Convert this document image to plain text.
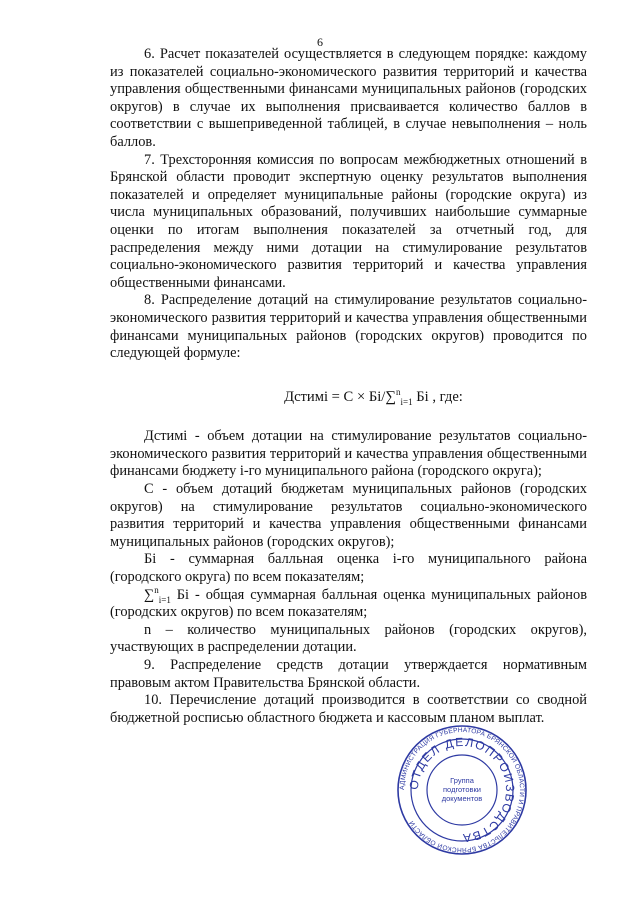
6

6. Расчет показателей осуществляется в следующем порядке: каждому из показателей социально-экономического развития территорий и качества управления общественными финансами муниципальных районов (городских округов) в случае их выполнения присваивается количество баллов в соответствии с вышеприведенной таблицей, в случае невыполнения – ноль баллов.

7. Трехсторонняя комиссия по вопросам межбюджетных отношений в Брянской области проводит экспертную оценку результатов выполнения показателей и определяет муниципальные районы (городские округа) из числа муниципальных образований, получивших наибольшие суммарные оценки по итогам выполнения показателей за отчетный год, для распределения между ними дотации на стимулирование результатов социально-экономического развития территорий и качества управления общественными финансами.

8. Распределение дотаций на стимулирование результатов социально-экономического развития территорий и качества управления общественными финансами муниципальных районов (городских округов) проводится по следующей формуле:

Дстимi = C × Бi/∑$^n_{i=1}$ Бi , где:

Дстимi - объем дотации на стимулирование результатов социально-экономического развития территорий и качества управления общественными финансами бюджету i-го муниципального района (городского округа);

C - объем дотаций бюджетам муниципальных районов (городских округов) на стимулирование результатов социально-экономического развития территорий и качества управления общественными финансами муниципальных районов (городских округов);

Бi - суммарная балльная оценка i-го муниципального района (городского округа) по всем показателям;

∑$^n_{i=1}$ Бi - общая суммарная балльная оценка муниципальных районов (городских округов) по всем показателям;

n – количество муниципальных районов (городских округов), участвующих в распределении дотации.

9. Распределение средств дотации утверждается нормативным правовым актом Правительства Брянской области.

10. Перечисление дотаций производится в соответствии со сводной бюджетной росписью областного бюджета и кассовым планом выплат.

АДМИНИСТРАЦИЯ ГУБЕРНАТОРА БРЯНСКОЙ ОБЛАСТИ И ПРАВИТЕЛЬСТВА БРЯНСКОЙ ОБЛАСТИ
ОТДЕЛ ДЕЛОПРОИЗВОДСТВА
Группа
подготовки
документов
